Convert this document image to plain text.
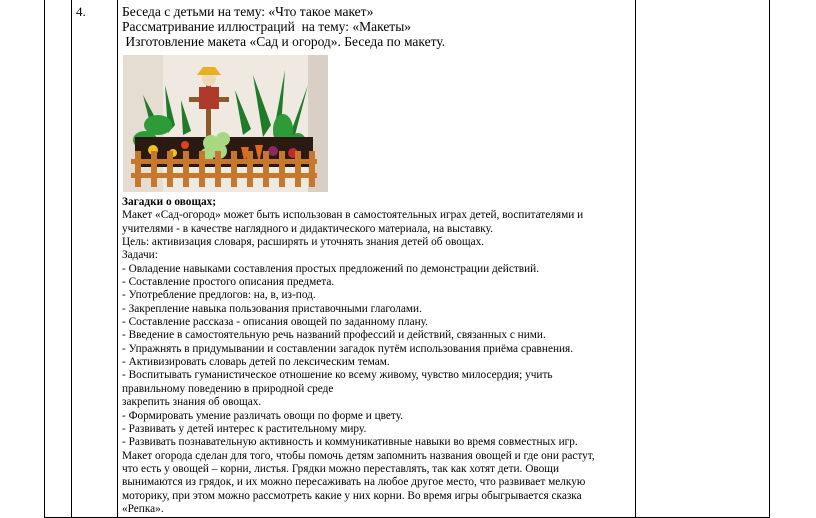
4.	Беседа с детьми на тему: «Что такое макет»

Рассматривание иллюстраций  на тему: «Макеты»

Изготовление макета «Сад и огород». Беседа по макету.

Загадки о овощах;

Макет «Сад-огород» может быть использован в самостоятельных играх детей, воспитателями и

учителями - в качестве наглядного и дидактического материала, на выставку.

Цель: активизация словаря, расширять и уточнять знания детей об овощах.

Задачи:

- Овладение навыками составления простых предложений по демонстрации действий.

- Составление простого описания предмета.

- Употребление предлогов: на, в, из-под.

- Закрепление навыка пользования приставочными глаголами.

- Составление рассказа - описания овощей по заданному плану.

- Введение в самостоятельную речь названий профессий и действий, связанных с ними.

- Упражнять в придумывании и составлении загадок путём использования приёма сравнения.

- Активизировать словарь детей по лексическим темам.

- Воспитывать гуманистическое отношение ко всему живому, чувство милосердия; учить

правильному поведению в природной среде

закрепить знания об овощах.

- Формировать умение различать овощи по форме и цвету.

- Развивать у детей интерес к растительному миру.

- Развивать познавательную активность и коммуникативные навыки во время совместных игр.

Макет огорода сделан для того, чтобы помочь детям запомнить названия овощей и где они растут,

что есть у овощей – корни, листья. Грядки можно переставлять, так как хотят дети. Овощи

вынимаются из грядок, и их можно пересаживать на любое другое место, что развивает мелкую

моторику, при этом можно рассмотреть какие у них корни. Во время игры обыгрывается сказка

«Репка».
